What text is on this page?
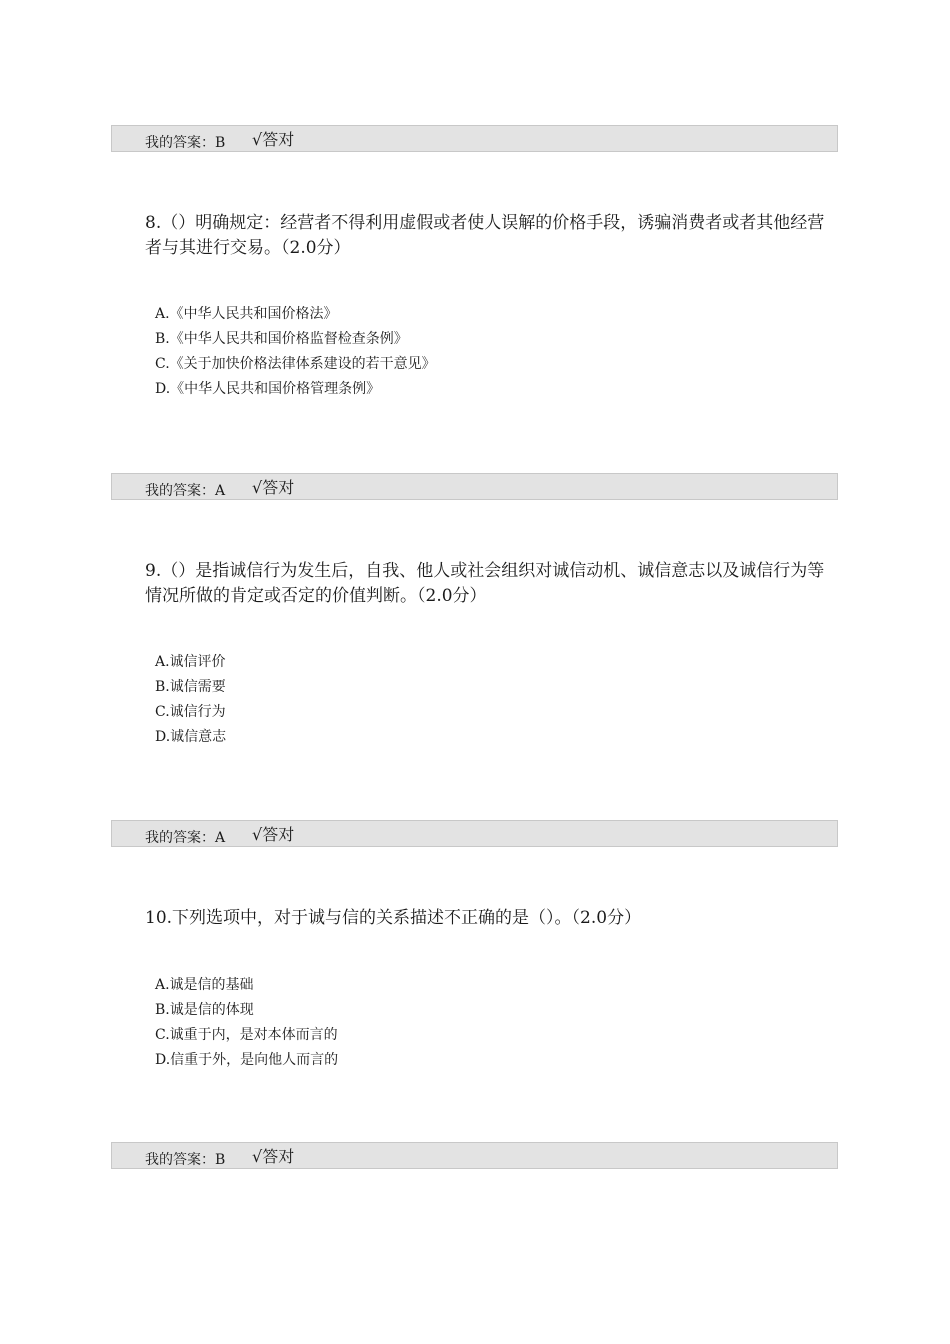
我的答案：B √答对

8.（）明确规定：经营者不得利用虚假或者使人误解的价格手段，诱骗消费者或者其他经营者与其进行交易。（2.0分）

A.《中华人民共和国价格法》
B.《中华人民共和国价格监督检查条例》
C.《关于加快价格法律体系建设的若干意见》
D.《中华人民共和国价格管理条例》
我的答案：A √答对

9.（）是指诚信行为发生后，自我、他人或社会组织对诚信动机、诚信意志以及诚信行为等情况所做的肯定或否定的价值判断。（2.0分）

A.诚信评价
B.诚信需要
C.诚信行为
D.诚信意志
我的答案：A √答对

10.下列选项中，对于诚与信的关系描述不正确的是（）。（2.0分）

A.诚是信的基础
B.诚是信的体现
C.诚重于内，是对本体而言的
D.信重于外，是向他人而言的
我的答案：B √答对
